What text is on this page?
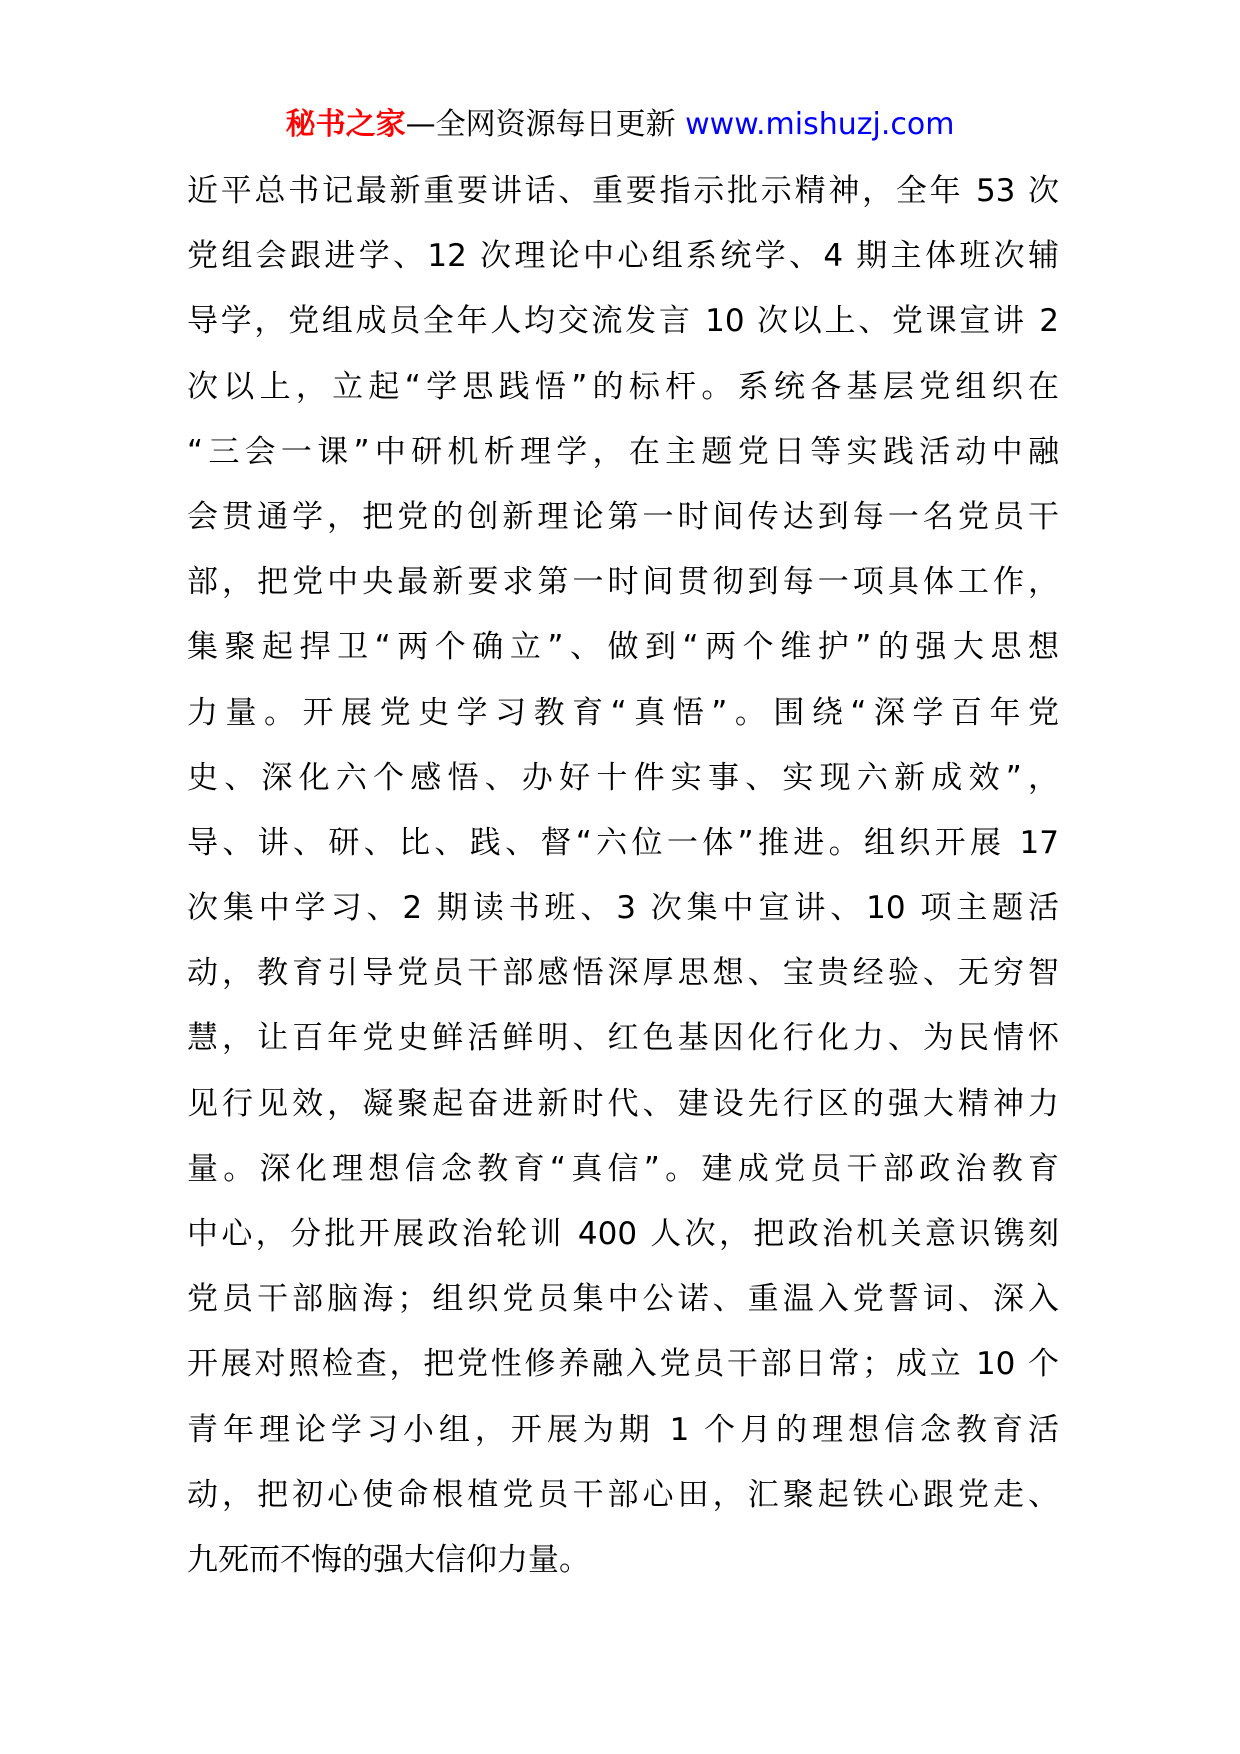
秘书之家—全网资源每日更新 www.mishuzj.com
近平总书记最新重要讲话、重要指示批示精神，全年 53 次
党组会跟进学、12 次理论中心组系统学、4 期主体班次辅
导学，党组成员全年人均交流发言 10 次以上、党课宣讲 2
次以上，立起“学思践悟”的标杆。系统各基层党组织在
“三会一课”中研机析理学，在主题党日等实践活动中融
会贯通学，把党的创新理论第一时间传达到每一名党员干
部，把党中央最新要求第一时间贯彻到每一项具体工作，
集聚起捍卫“两个确立”、做到“两个维护”的强大思想
力量。开展党史学习教育“真悟”。围绕“深学百年党
史、深化六个感悟、办好十件实事、实现六新成效”，
导、讲、研、比、践、督“六位一体”推进。组织开展 17
次集中学习、2 期读书班、3 次集中宣讲、10 项主题活
动，教育引导党员干部感悟深厚思想、宝贵经验、无穷智
慧，让百年党史鲜活鲜明、红色基因化行化力、为民情怀
见行见效，凝聚起奋进新时代、建设先行区的强大精神力
量。深化理想信念教育“真信”。建成党员干部政治教育
中心，分批开展政治轮训 400 人次，把政治机关意识镌刻
党员干部脑海；组织党员集中公诺、重温入党誓词、深入
开展对照检查，把党性修养融入党员干部日常；成立 10 个
青年理论学习小组，开展为期 1 个月的理想信念教育活
动，把初心使命根植党员干部心田，汇聚起铁心跟党走、
九死而不悔的强大信仰力量。
